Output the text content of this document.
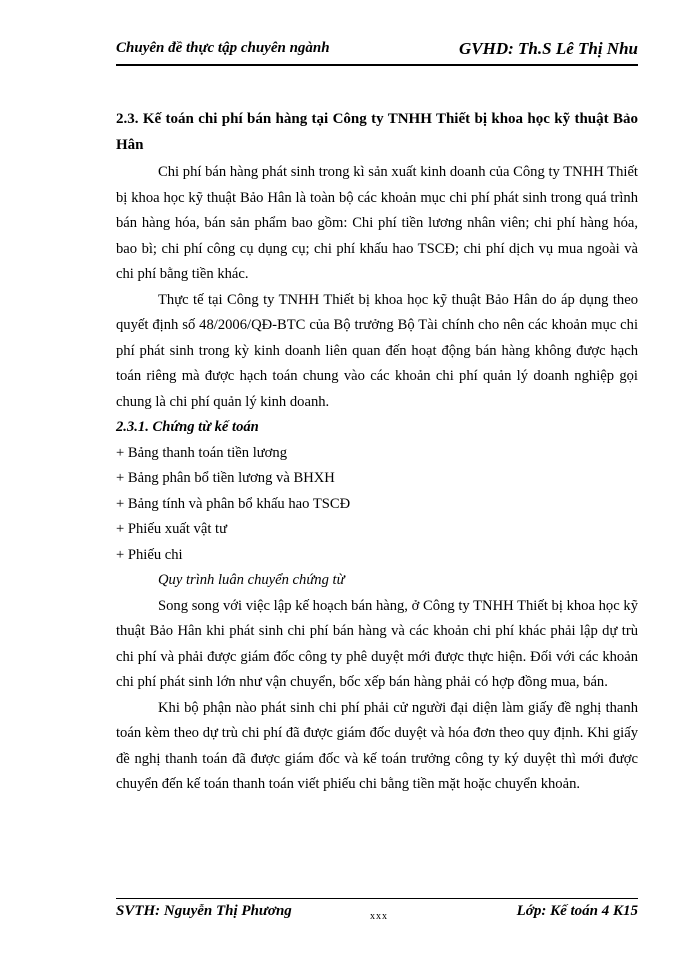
Chuyên đề thực tập chuyên ngành	GVHD: Th.S Lê Thị Nhu

2.3. Kế toán chi phí bán hàng tại Công ty TNHH Thiết bị khoa học kỹ thuật Bảo Hân

Chi phí bán hàng phát sinh trong kì sản xuất kinh doanh của Công ty TNHH Thiết bị khoa học kỹ thuật Bảo Hân là toàn bộ các khoản mục chi phí phát sinh trong quá trình bán hàng hóa, bán sản phẩm bao gồm: Chi phí tiền lương nhân viên; chi phí hàng hóa, bao bì; chi phí công cụ dụng cụ; chi phí khấu hao TSCĐ; chi phí dịch vụ mua ngoài và chi phí bằng tiền khác.

Thực tế tại Công ty TNHH Thiết bị khoa học kỹ thuật Bảo Hân do áp dụng theo quyết định số 48/2006/QĐ-BTC của Bộ trưởng Bộ Tài chính cho nên các khoản mục chi phí phát sinh trong kỳ kinh doanh liên quan đến hoạt động bán hàng không được hạch toán riêng mà được hạch toán chung vào các khoản chi phí quản lý doanh nghiệp gọi chung là chi phí quản lý kinh doanh.

2.3.1. Chứng từ kế toán

+ Bảng thanh toán tiền lương

+ Bảng phân bổ tiền lương và BHXH

+ Bảng tính và phân bổ khấu hao TSCĐ

+ Phiếu xuất vật tư

+ Phiếu chi

Quy trình luân chuyển chứng từ

Song song với việc lập kế hoạch bán hàng, ở Công ty TNHH Thiết bị khoa học kỹ thuật Bảo Hân khi phát sinh chi phí bán hàng và các khoản chi phí khác phải lập dự trù chi phí và phải được giám đốc công ty phê duyệt mới được thực hiện. Đối với các khoản chi phí phát sinh lớn như vận chuyển, bốc xếp bán hàng phải có hợp đồng mua, bán.

Khi bộ phận nào phát sinh chi phí phải cử người đại diện làm giấy đề nghị thanh toán kèm theo dự trù chi phí đã được giám đốc duyệt và hóa đơn theo quy định. Khi giấy đề nghị thanh toán đã được giám đốc và kế toán trưởng công ty ký duyệt thì mới được chuyển đến kế toán thanh toán viết phiếu chi bằng tiền mặt hoặc chuyển khoản.

SVTH: Nguyễn Thị Phương	xxx	Lớp: Kế toán 4 K15
